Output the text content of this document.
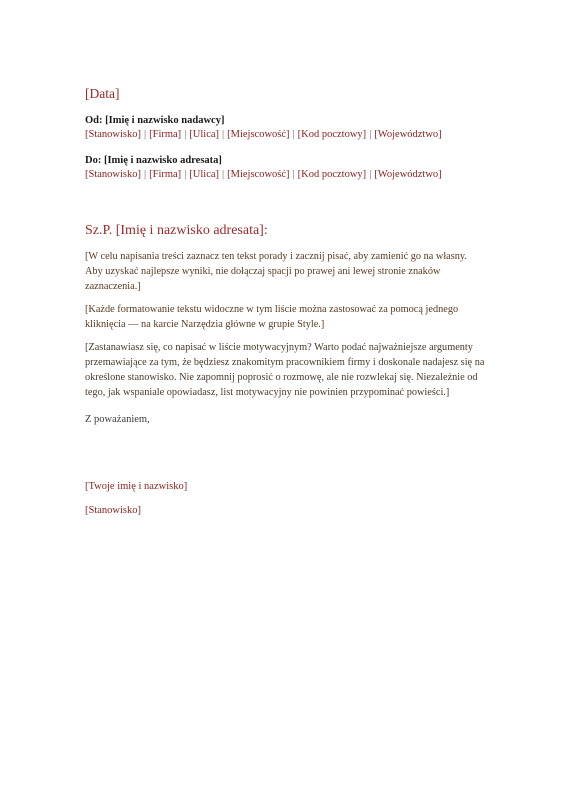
[Data]
Od: [Imię i nazwisko nadawcy]
[Stanowisko] | [Firma] | [Ulica] | [Miejscowość] | [Kod pocztowy] | [Województwo]
Do: [Imię i nazwisko adresata]
[Stanowisko] | [Firma] | [Ulica] | [Miejscowość] | [Kod pocztowy] | [Województwo]
Sz.P. [Imię i nazwisko adresata]:

[W celu napisania treści zaznacz ten tekst porady i zacznij pisać, aby zamienić go na własny. Aby uzyskać najlepsze wyniki, nie dołączaj spacji po prawej ani lewej stronie znaków zaznaczenia.]

[Każde formatowanie tekstu widoczne w tym liście można zastosować za pomocą jednego kliknięcia — na karcie Narzędzia główne w grupie Style.]

[Zastanawiasz się, co napisać w liście motywacyjnym? Warto podać najważniejsze argumenty przemawiające za tym, że będziesz znakomitym pracownikiem firmy i doskonale nadajesz się na określone stanowisko. Nie zapomnij poprosić o rozmowę, ale nie rozwlekaj się. Niezależnie od tego, jak wspaniale opowiadasz, list motywacyjny nie powinien przypominać powieści.]

Z poważaniem,
[Twoje imię i nazwisko]
[Stanowisko]
